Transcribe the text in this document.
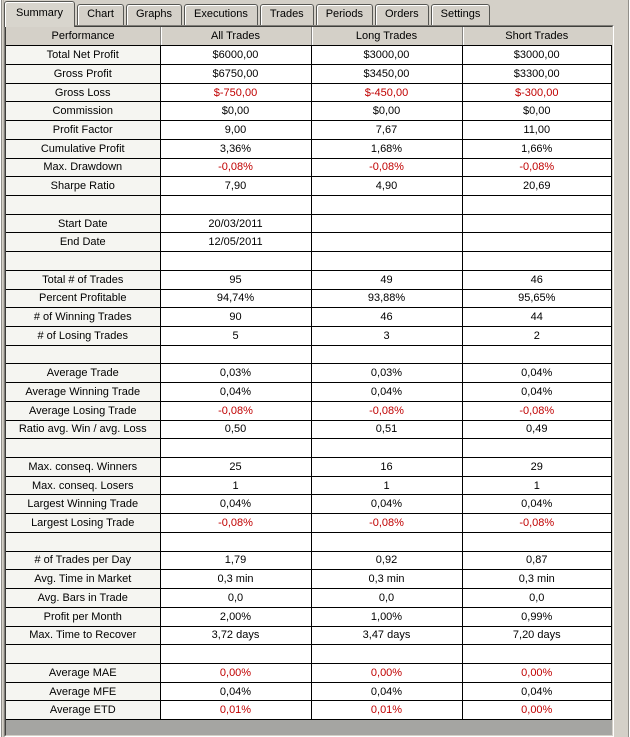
Summary	Chart	Graphs	Executions	Trades	Periods	Orders	Settings
Performance	All Trades	Long Trades	Short Trades
Total Net Profit	$6000,00	$3000,00	$3000,00
Gross Profit	$6750,00	$3450,00	$3300,00
Gross Loss	$-750,00	$-450,00	$-300,00
Commission	$0,00	$0,00	$0,00
Profit Factor	9,00	7,67	11,00
Cumulative Profit	3,36%	1,68%	1,66%
Max. Drawdown	-0,08%	-0,08%	-0,08%
Sharpe Ratio	7,90	4,90	20,69

Start Date	20/03/2011		
End Date	12/05/2011		

Total # of Trades	95	49	46
Percent Profitable	94,74%	93,88%	95,65%
# of Winning Trades	90	46	44
# of Losing Trades	5	3	2

Average Trade	0,03%	0,03%	0,04%
Average Winning Trade	0,04%	0,04%	0,04%
Average Losing Trade	-0,08%	-0,08%	-0,08%
Ratio avg. Win / avg. Loss	0,50	0,51	0,49

Max. conseq. Winners	25	16	29
Max. conseq. Losers	1	1	1
Largest Winning Trade	0,04%	0,04%	0,04%
Largest Losing Trade	-0,08%	-0,08%	-0,08%

# of Trades per Day	1,79	0,92	0,87
Avg. Time in Market	0,3 min	0,3 min	0,3 min
Avg. Bars in Trade	0,0	0,0	0,0
Profit per Month	2,00%	1,00%	0,99%
Max. Time to Recover	3,72 days	3,47 days	7,20 days

Average MAE	0,00%	0,00%	0,00%
Average MFE	0,04%	0,04%	0,04%
Average ETD	0,01%	0,01%	0,00%
